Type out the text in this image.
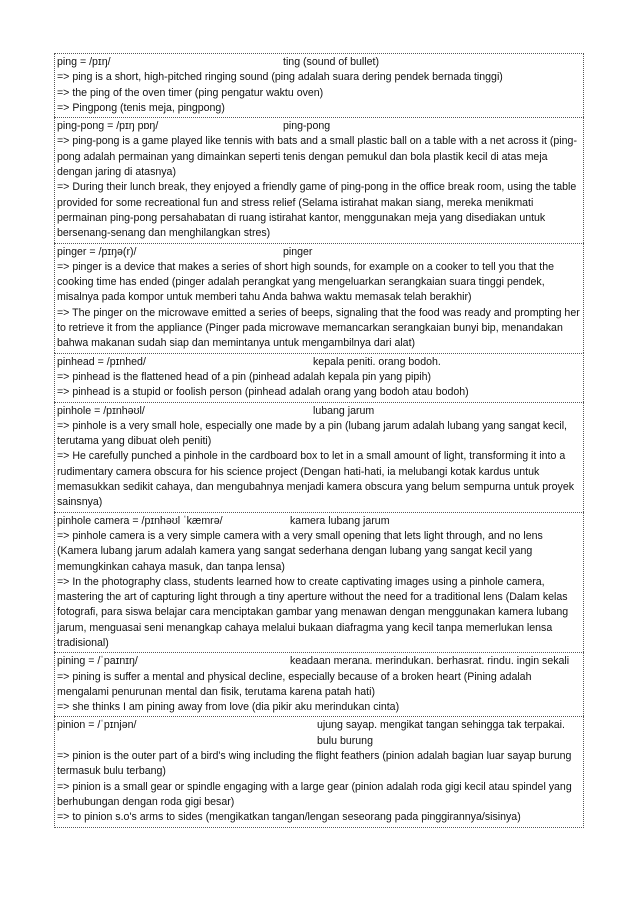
ping = /pɪŋ/	ting (sound of bullet)
=> ping is a short, high-pitched ringing sound (ping adalah suara dering pendek bernada tinggi)
=> the ping of the oven timer (ping pengatur waktu oven)
=> Pingpong (tenis meja, pingpong)
ping-pong = /pɪŋ pɒŋ/	ping-pong
=> ping-pong is a game played like tennis with bats and a small plastic ball on a table with a net across it (ping-pong adalah permainan yang dimainkan seperti tenis dengan pemukul dan bola plastik kecil di atas meja dengan jaring di atasnya)
=> During their lunch break, they enjoyed a friendly game of ping-pong in the office break room, using the table provided for some recreational fun and stress relief (Selama istirahat makan siang, mereka menikmati permainan ping-pong persahabatan di ruang istirahat kantor, menggunakan meja yang disediakan untuk bersenang-senang dan menghilangkan stres)
pinger = /pɪŋə(r)/	pinger
=> pinger is a device that makes a series of short high sounds, for example on a cooker to tell you that the cooking time has ended (pinger adalah perangkat yang mengeluarkan serangkaian suara tinggi pendek, misalnya pada kompor untuk memberi tahu Anda bahwa waktu memasak telah berakhir)
=> The pinger on the microwave emitted a series of beeps, signaling that the food was ready and prompting her to retrieve it from the appliance (Pinger pada microwave memancarkan serangkaian bunyi bip, menandakan bahwa makanan sudah siap dan memintanya untuk mengambilnya dari alat)
pinhead = /pɪnhed/	kepala peniti. orang bodoh.
=> pinhead is the flattened head of a pin (pinhead adalah kepala pin yang pipih)
=> pinhead is a stupid or foolish person (pinhead adalah orang yang bodoh atau bodoh)
pinhole = /pɪnhəʊl/	lubang jarum
=> pinhole is a very small hole, especially one made by a pin (lubang jarum adalah lubang yang sangat kecil, terutama yang dibuat oleh peniti)
=> He carefully punched a pinhole in the cardboard box to let in a small amount of light, transforming it into a rudimentary camera obscura for his science project (Dengan hati-hati, ia melubangi kotak kardus untuk memasukkan sedikit cahaya, dan mengubahnya menjadi kamera obscura yang belum sempurna untuk proyek sainsnya)
pinhole camera = /pɪnhəʊl ˈkæmrə/	kamera lubang jarum
=> pinhole camera is a very simple camera with a very small opening that lets light through, and no lens (Kamera lubang jarum adalah kamera yang sangat sederhana dengan lubang yang sangat kecil yang memungkinkan cahaya masuk, dan tanpa lensa)
=> In the photography class, students learned how to create captivating images using a pinhole camera, mastering the art of capturing light through a tiny aperture without the need for a traditional lens (Dalam kelas fotografi, para siswa belajar cara menciptakan gambar yang menawan dengan menggunakan kamera lubang jarum, menguasai seni menangkap cahaya melalui bukaan diafragma yang kecil tanpa memerlukan lensa tradisional)
pining = /ˈpaɪnɪŋ/	keadaan merana. merindukan. berhasrat. rindu. ingin sekali
=> pining is suffer a mental and physical decline, especially because of a broken heart (Pining adalah mengalami penurunan mental dan fisik, terutama karena patah hati)
=> she thinks I am pining away from love (dia pikir aku merindukan cinta)
pinion = /ˈpɪnjən/	ujung sayap. mengikat tangan sehingga tak terpakai. bulu burung
=> pinion is the outer part of a bird's wing including the flight feathers (pinion adalah bagian luar sayap burung termasuk bulu terbang)
=> pinion is a small gear or spindle engaging with a large gear (pinion adalah roda gigi kecil atau spindel yang berhubungan dengan roda gigi besar)
=> to pinion s.o's arms to sides (mengikatkan tangan/lengan seseorang pada pinggirannya/sisinya)
